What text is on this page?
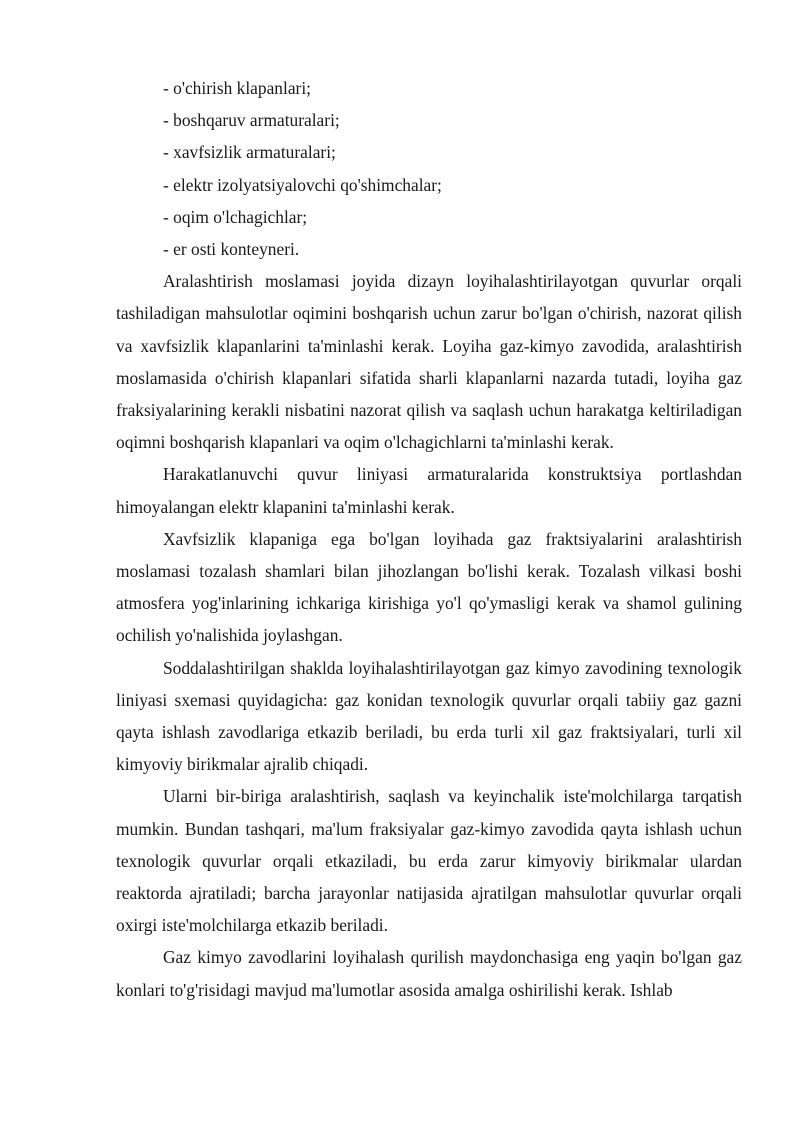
- o'chirish klapanlari;

- boshqaruv armaturalari;

- xavfsizlik armaturalari;

- elektr izolyatsiyalovchi qo'shimchalar;

- oqim o'lchagichlar;

- er osti konteyneri.

Aralashtirish moslamasi joyida dizayn loyihalashtirilayotgan quvurlar orqali tashiladigan mahsulotlar oqimini boshqarish uchun zarur bo'lgan o'chirish, nazorat qilish va xavfsizlik klapanlarini ta'minlashi kerak. Loyiha gaz-kimyo zavodida, aralashtirish moslamasida o'chirish klapanlari sifatida sharli klapanlarni nazarda tutadi, loyiha gaz fraksiyalarining kerakli nisbatini nazorat qilish va saqlash uchun harakatga keltiriladigan oqimni boshqarish klapanlari va oqim o'lchagichlarni ta'minlashi kerak.

Harakatlanuvchi quvur liniyasi armaturalarida konstruktsiya portlashdan himoyalangan elektr klapanini ta'minlashi kerak.

Xavfsizlik klapaniga ega bo'lgan loyihada gaz fraktsiyalarini aralashtirish moslamasi tozalash shamlari bilan jihozlangan bo'lishi kerak. Tozalash vilkasi boshi atmosfera yog'inlarining ichkariga kirishiga yo'l qo'ymasligi kerak va shamol gulining ochilish yo'nalishida joylashgan.

Soddalashtirilgan shaklda loyihalashtirilayotgan gaz kimyo zavodining texnologik liniyasi sxemasi quyidagicha: gaz konidan texnologik quvurlar orqali tabiiy gaz gazni qayta ishlash zavodlariga etkazib beriladi, bu erda turli xil gaz fraktsiyalari, turli xil kimyoviy birikmalar ajralib chiqadi.

Ularni bir-biriga aralashtirish, saqlash va keyinchalik iste'molchilarga tarqatish mumkin. Bundan tashqari, ma'lum fraksiyalar gaz-kimyo zavodida qayta ishlash uchun texnologik quvurlar orqali etkaziladi, bu erda zarur kimyoviy birikmalar ulardan reaktorda ajratiladi; barcha jarayonlar natijasida ajratilgan mahsulotlar quvurlar orqali oxirgi iste'molchilarga etkazib beriladi.

Gaz kimyo zavodlarini loyihalash qurilish maydonchasiga eng yaqin bo'lgan gaz konlari to'g'risidagi mavjud ma'lumotlar asosida amalga oshirilishi kerak. Ishlab
